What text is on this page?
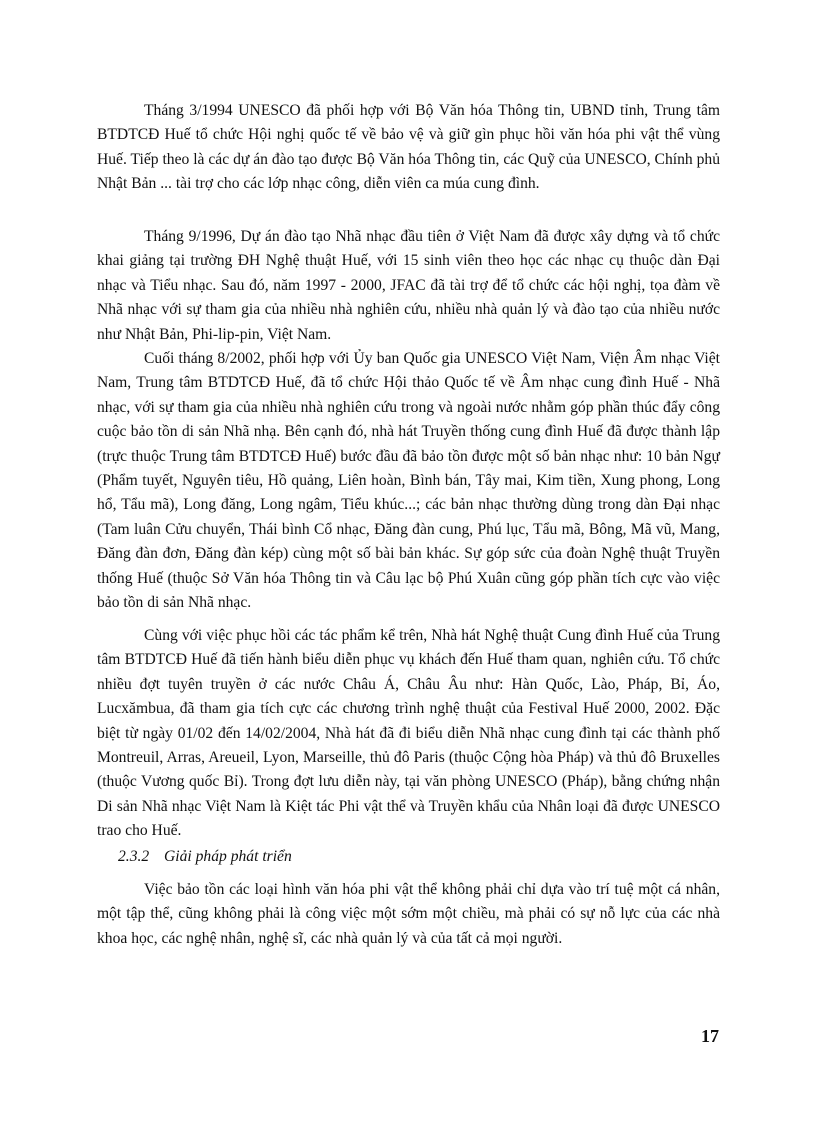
Tháng 3/1994 UNESCO đã phối hợp với Bộ Văn hóa Thông tin, UBND tỉnh, Trung tâm BTDTCĐ Huế tổ chức Hội nghị quốc tế về bảo vệ và giữ gìn phục hồi văn hóa phi vật thể vùng Huế. Tiếp theo là các dự án đào tạo được Bộ Văn hóa Thông tin, các Quỹ của UNESCO, Chính phủ Nhật Bản ... tài trợ cho các lớp nhạc công, diễn viên ca múa cung đình.

Tháng 9/1996, Dự án đào tạo Nhã nhạc đầu tiên ở Việt Nam đã được xây dựng và tổ chức khai giảng tại trường ĐH Nghệ thuật Huế, với 15 sinh viên theo học các nhạc cụ thuộc dàn Đại nhạc và Tiểu nhạc. Sau đó, năm 1997 - 2000, JFAC đã tài trợ để tổ chức các hội nghị, tọa đàm về Nhã nhạc với sự tham gia của nhiều nhà nghiên cứu, nhiều nhà quản lý và đào tạo của nhiều nước như Nhật Bản, Phi-lip-pin, Việt Nam.

Cuối tháng 8/2002, phối hợp với Ủy ban Quốc gia UNESCO Việt Nam, Viện Âm nhạc Việt Nam, Trung tâm BTDTCĐ Huế, đã tổ chức Hội thảo Quốc tế về Âm nhạc cung đình Huế - Nhã nhạc, với sự tham gia của nhiều nhà nghiên cứu trong và ngoài nước nhằm góp phần thúc đẩy công cuộc bảo tồn di sản Nhã nhạ. Bên cạnh đó, nhà hát Truyền thống cung đình Huế đã được thành lập (trực thuộc Trung tâm BTDTCĐ Huế) bước đầu đã bảo tồn được một số bản nhạc như: 10 bản Ngự (Phẩm tuyết, Nguyên tiêu, Hồ quảng, Liên hoàn, Bình bán, Tây mai, Kim tiền, Xung phong, Long hổ, Tẩu mã), Long đăng, Long ngâm, Tiểu khúc...; các bản nhạc thường dùng trong dàn Đại nhạc (Tam luân Cửu chuyển, Thái bình Cổ nhạc, Đăng đàn cung, Phú lục, Tẩu mã, Bông, Mã vũ, Mang, Đăng đàn đơn, Đăng đàn kép) cùng một số bài bản khác. Sự góp sức của đoàn Nghệ thuật Truyền thống Huế (thuộc Sở Văn hóa Thông tin và Câu lạc bộ Phú Xuân cũng góp phần tích cực vào việc bảo tồn di sản Nhã nhạc.

Cùng với việc phục hồi các tác phẩm kể trên, Nhà hát Nghệ thuật Cung đình Huế của Trung tâm BTDTCĐ Huế đã tiến hành biểu diễn phục vụ khách đến Huế tham quan, nghiên cứu. Tổ chức nhiều đợt tuyên truyền ở các nước Châu Á, Châu Âu như: Hàn Quốc, Lào, Pháp, Bỉ, Áo, Lucxămbua, đã tham gia tích cực các chương trình nghệ thuật của Festival Huế 2000, 2002. Đặc biệt từ ngày 01/02 đến 14/02/2004, Nhà hát đã đi biểu diễn Nhã nhạc cung đình tại các thành phố Montreuil, Arras, Areueil, Lyon, Marseille, thủ đô Paris (thuộc Cộng hòa Pháp) và thủ đô Bruxelles (thuộc Vương quốc Bỉ). Trong đợt lưu diễn này, tại văn phòng UNESCO (Pháp), bằng chứng nhận Di sản Nhã nhạc Việt Nam là Kiệt tác Phi vật thể và Truyền khẩu của Nhân loại đã được UNESCO trao cho Huế.

2.3.2 Giải pháp phát triển

Việc bảo tồn các loại hình văn hóa phi vật thể không phải chỉ dựa vào trí tuệ một cá nhân, một tập thể, cũng không phải là công việc một sớm một chiều, mà phải có sự nỗ lực của các nhà khoa học, các nghệ nhân, nghệ sĩ, các nhà quản lý và của tất cả mọi người.

17
